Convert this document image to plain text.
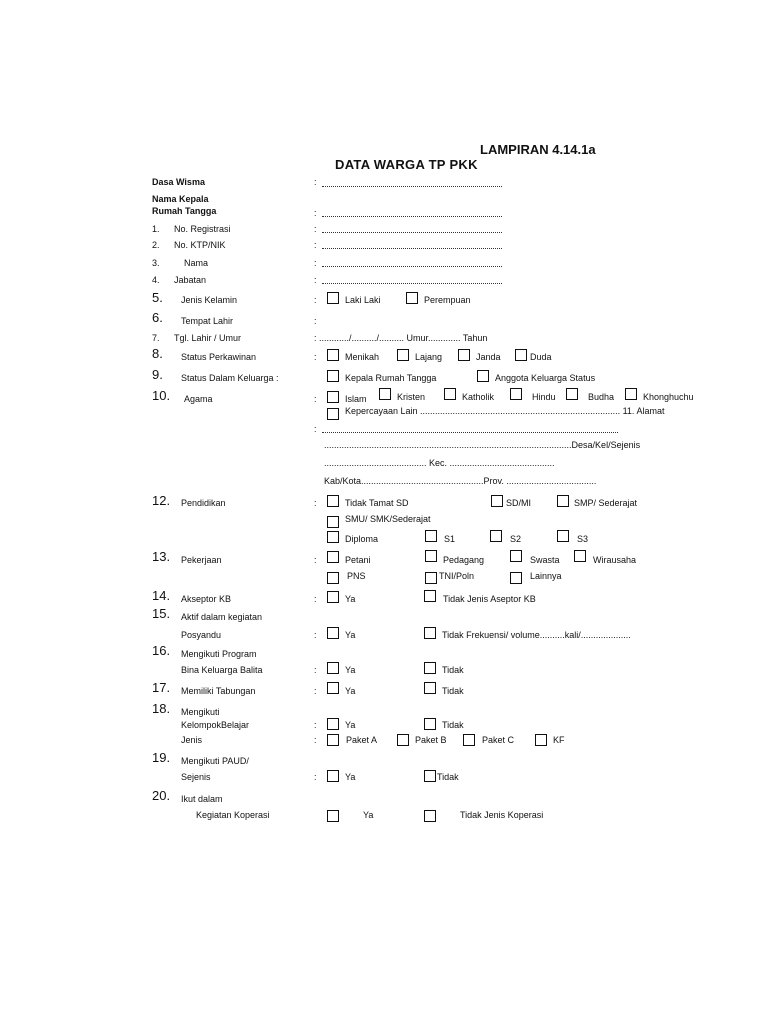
LAMPIRAN 4.14.1a
DATA WARGA TP PKK
Dasa Wisma	:
Nama Kepala
Rumah Tangga	:
1. No. Registrasi	:
2. No. KTP/NIK	:
3.	Nama	:
4. Jabatan	:
5. Jenis Kelamin	:	Laki Laki	Perempuan
6. Tempat Lahir	:
7. Tgl. Lahir / Umur	: ............/........../.......... Umur............. Tahun
8. Status Perkawinan	:	Menikah	Lajang	Janda	Duda
9. Status Dalam Keluarga :	Kepala Rumah Tangga	Anggota Keluarga Status
10. Agama	:	Islam	Kristen	Katholik	Hindu	Budha	Khonghuchu
Kepercayaan Lain ................................................................................ 11. Alamat
:
...................................................................................................Desa/Kel/Sejenis
......................................... Kec. ..........................................
Kab/Kota.................................................Prov. ....................................
12. Pendidikan	:	Tidak Tamat SD	SD/MI	SMP/ Sederajat
SMU/ SMK/Sederajat
Diploma	S1	S2	S3
13. Pekerjaan	:	Petani	Pedagang	Swasta	Wirausaha
PNS	TNI/Poln	Lainnya
14. Akseptor KB	:	Ya	Tidak Jenis Aseptor KB
15. Aktif dalam kegiatan
Posyandu	:	Ya	Tidak Frekuensi/ volume..........kali/....................
16. Mengikuti Program
Bina Keluarga Balita	:	Ya	Tidak
17. Memiliki Tabungan	:	Ya	Tidak
18. Mengikuti
KelompokBelajar	:	Ya	Tidak
Jenis	:	Paket A	Paket B	Paket C	KF
19. Mengikuti PAUD/
Sejenis	:	Ya	Tidak
20. Ikut dalam
Kegiatan Koperasi	Ya	Tidak Jenis Koperasi
